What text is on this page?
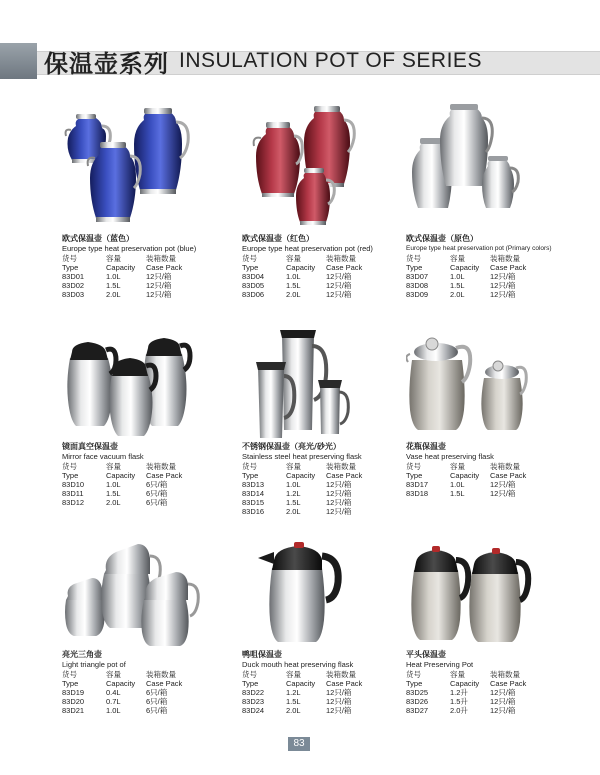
保温壶系列 INSULATION POT OF SERIES
欧式保温壶（蓝色）
Europe type heat preservation pot (blue)
货号	容量	装箱数量
Type	Capacity	Case Pack
83D01	1.0L	12只/箱
83D02	1.5L	12只/箱
83D03	2.0L	12只/箱
欧式保温壶（红色）
Europe type heat preservation pot (red)
货号	容量	装箱数量
Type	Capacity	Case Pack
83D04	1.0L	12只/箱
83D05	1.5L	12只/箱
83D06	2.0L	12只/箱
欧式保温壶（原色）
Europe type heat preservation pot (Primary colors)
货号	容量	装箱数量
Type	Capacity	Case Pack
83D07	1.0L	12只/箱
83D08	1.5L	12只/箱
83D09	2.0L	12只/箱
镜面真空保温壶
Mirror face vacuum flask
货号	容量	装箱数量
Type	Capacity	Case Pack
83D10	1.0L	6只/箱
83D11	1.5L	6只/箱
83D12	2.0L	6只/箱
不锈钢保温壶（亮光/砂光）
Stainless steel heat preserving flask
货号	容量	装箱数量
Type	Capacity	Case Pack
83D13	1.0L	12只/箱
83D14	1.2L	12只/箱
83D15	1.5L	12只/箱
83D16	2.0L	12只/箱
花瓶保温壶
Vase heat preserving flask
货号	容量	装箱数量
Type	Capacity	Case Pack
83D17	1.0L	12只/箱
83D18	1.5L	12只/箱
亮光三角壶
Light triangle pot of
货号	容量	装箱数量
Type	Capacity	Case Pack
83D19	0.4L	6只/箱
83D20	0.7L	6只/箱
83D21	1.0L	6只/箱
鸭咀保温壶
Duck mouth heat preserving flask
货号	容量	装箱数量
Type	Capacity	Case Pack
83D22	1.2L	12只/箱
83D23	1.5L	12只/箱
83D24	2.0L	12只/箱
平头保温壶
Heat Preserving Pot
货号	容量	装箱数量
Type	Capacity	Case Pack
83D25	1.2升	12只/箱
83D26	1.5升	12只/箱
83D27	2.0升	12只/箱
83
